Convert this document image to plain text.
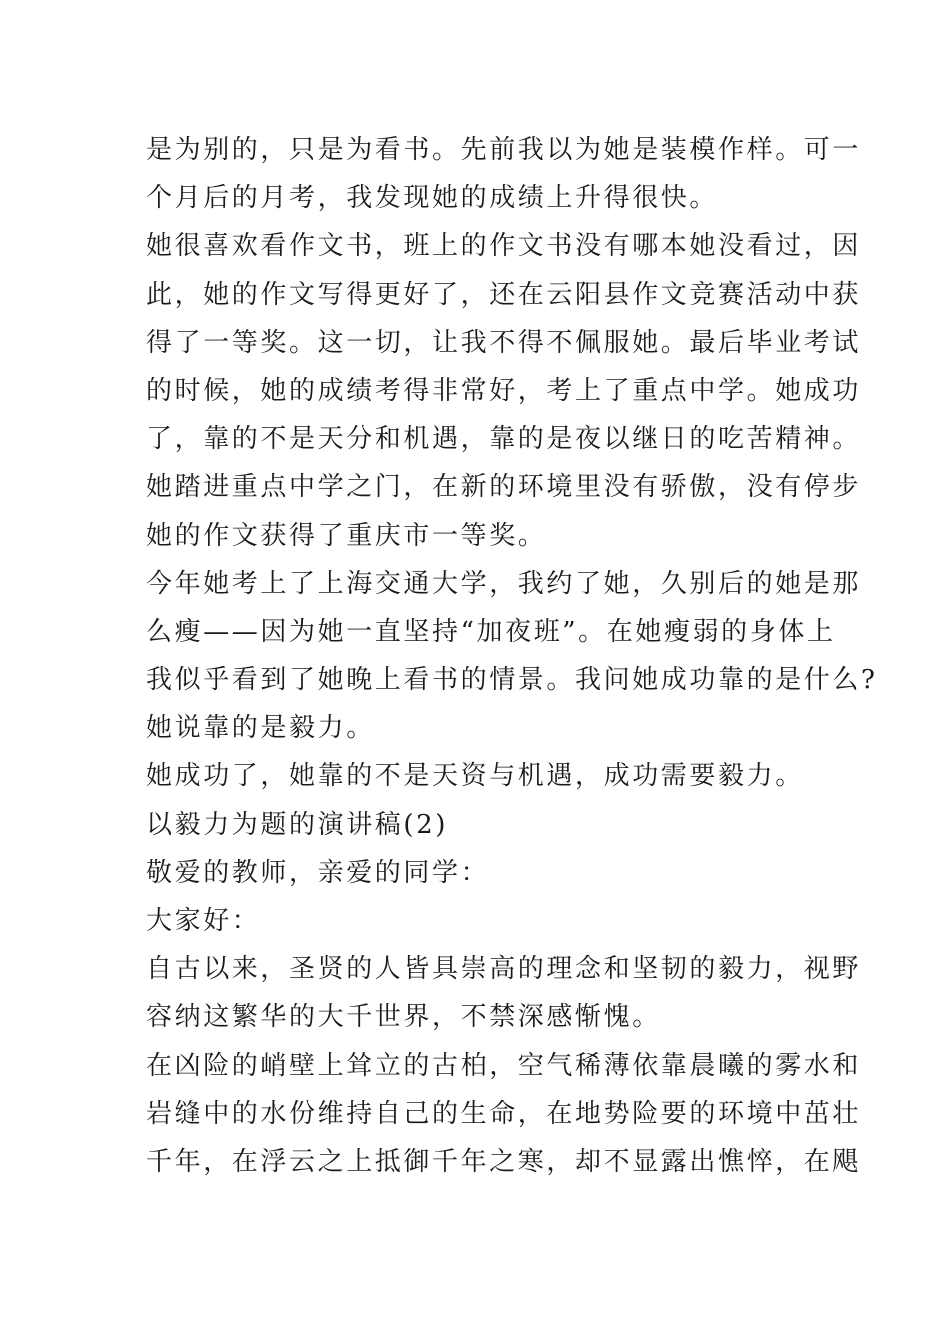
是为别的，只是为看书。先前我以为她是装模作样。可一
个月后的月考，我发现她的成绩上升得很快。
她很喜欢看作文书，班上的作文书没有哪本她没看过，因
此，她的作文写得更好了，还在云阳县作文竞赛活动中获
得了一等奖。这一切，让我不得不佩服她。最后毕业考试
的时候，她的成绩考得非常好，考上了重点中学。她成功
了，靠的不是天分和机遇，靠的是夜以继日的吃苦精神。
她踏进重点中学之门，在新的环境里没有骄傲，没有停步
她的作文获得了重庆市一等奖。
今年她考上了上海交通大学，我约了她，久别后的她是那
么瘦——因为她一直坚持“加夜班”。在她瘦弱的身体上
我似乎看到了她晚上看书的情景。我问她成功靠的是什么?
她说靠的是毅力。
她成功了，她靠的不是天资与机遇，成功需要毅力。
以毅力为题的演讲稿(2)
敬爱的教师，亲爱的同学：
大家好：
自古以来，圣贤的人皆具崇高的理念和坚韧的毅力，视野
容纳这繁华的大千世界，不禁深感惭愧。
在凶险的峭壁上耸立的古柏，空气稀薄依靠晨曦的雾水和
岩缝中的水份维持自己的生命，在地势险要的环境中茁壮
千年，在浮云之上抵御千年之寒，却不显露出憔悴，在飓
